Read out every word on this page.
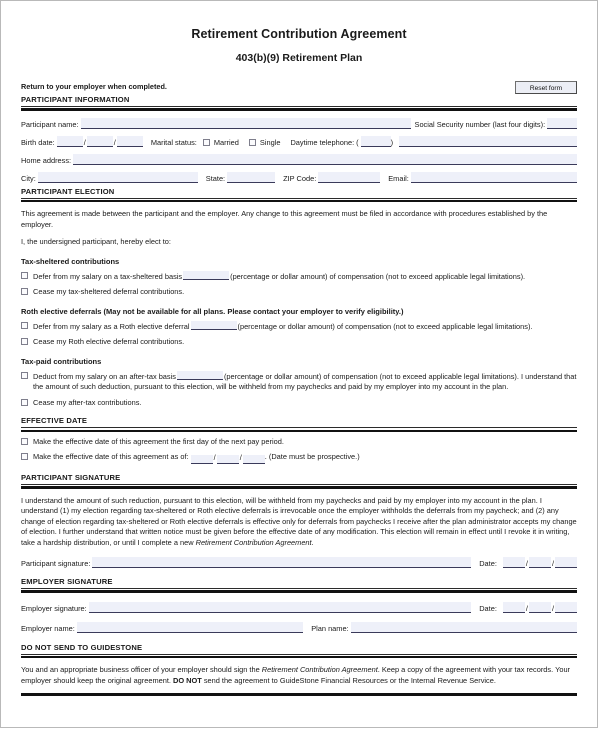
Retirement Contribution Agreement
403(b)(9) Retirement Plan
Return to your employer when completed.	Reset form
PARTICIPANT INFORMATION
Participant name:	Social Security number (last four digits):
Birth date:	/	/	Marital status: Married	Single Daytime telephone: (	)
Home address:
City:	State:	ZIP Code:	Email:
PARTICIPANT ELECTION
This agreement is made between the participant and the employer. Any change to this agreement must be filed in accordance with procedures established by the employer.
I, the undersigned participant, hereby elect to:
Tax-sheltered contributions
Defer from my salary on a tax-sheltered basis	(percentage or dollar amount) of compensation (not to exceed applicable legal limitations).
Cease my tax-sheltered deferral contributions.
Roth elective deferrals (May not be available for all plans. Please contact your employer to verify eligibility.)
Defer from my salary as a Roth elective deferral	(percentage or dollar amount) of compensation (not to exceed applicable legal limitations).
Cease my Roth elective deferral contributions.
Tax-paid contributions
Deduct from my salary on an after-tax basis	(percentage or dollar amount) of compensation (not to exceed applicable legal limitations). I understand that the amount of such deduction, pursuant to this election, will be withheld from my paychecks and paid by my employer into my account in the plan.
Cease my after-tax contributions.
EFFECTIVE DATE
Make the effective date of this agreement the first day of the next pay period.
Make the effective date of this agreement as of:	/	/	. (Date must be prospective.)
PARTICIPANT SIGNATURE
I understand the amount of such reduction, pursuant to this election, will be withheld from my paychecks and paid by my employer into my account in the plan. I understand (1) my election regarding tax-sheltered or Roth elective deferrals is irrevocable once the employer withholds the deferrals from my paycheck; and (2) any change of election regarding tax-sheltered or Roth elective deferrals is effective only for deferrals from paychecks I receive after the plan administrator accepts my change of election. I further understand that written notice must be given before the effective date of any modification. This election will remain in effect until I revoke it in writing, take a hardship distribution, or until I complete a new Retirement Contribution Agreement.
Participant signature:	Date:	/	/
EMPLOYER SIGNATURE
Employer signature:	Date:	/	/
Employer name:	Plan name:
DO NOT SEND TO GUIDESTONE
You and an appropriate business officer of your employer should sign the Retirement Contribution Agreement. Keep a copy of the agreement with your tax records. Your employer should keep the original agreement. DO NOT send the agreement to GuideStone Financial Resources or the Internal Revenue Service.
